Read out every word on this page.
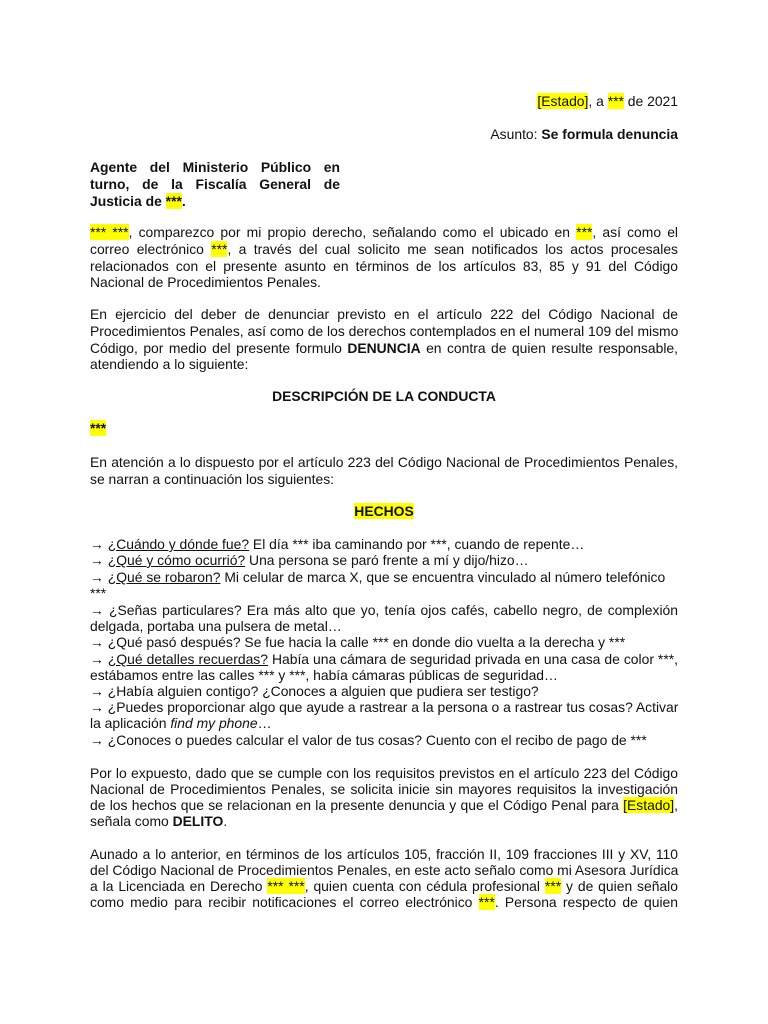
[Estado], a *** de 2021
Asunto: Se formula denuncia
Agente del Ministerio Público en
turno, de la Fiscalía General de
Justicia de ***.
*** ***, comparezco por mi propio derecho, señalando como el ubicado en ***, así como el
correo electrónico ***, a través del cual solicito me sean notificados los actos procesales
relacionados con el presente asunto en términos de los artículos 83, 85 y 91 del Código
Nacional de Procedimientos Penales.
En ejercicio del deber de denunciar previsto en el artículo 222 del Código Nacional de
Procedimientos Penales, así como de los derechos contemplados en el numeral 109 del mismo
Código, por medio del presente formulo DENUNCIA en contra de quien resulte responsable,
atendiendo a lo siguiente:
DESCRIPCIÓN DE LA CONDUCTA
***
En atención a lo dispuesto por el artículo 223 del Código Nacional de Procedimientos Penales,
se narran a continuación los siguientes:
HECHOS
→ ¿Cuándo y dónde fue? El día *** iba caminando por ***, cuando de repente…
→ ¿Qué y cómo ocurrió? Una persona se paró frente a mí y dijo/hizo…
→ ¿Qué se robaron? Mi celular de marca X, que se encuentra vinculado al número telefónico
***
→ ¿Señas particulares? Era más alto que yo, tenía ojos cafés, cabello negro, de complexión
delgada, portaba una pulsera de metal…
→ ¿Qué pasó después? Se fue hacia la calle *** en donde dio vuelta a la derecha y ***
→ ¿Qué detalles recuerdas? Había una cámara de seguridad privada en una casa de color ***,
estábamos entre las calles *** y ***, había cámaras públicas de seguridad…
→ ¿Había alguien contigo? ¿Conoces a alguien que pudiera ser testigo?
→ ¿Puedes proporcionar algo que ayude a rastrear a la persona o a rastrear tus cosas? Activar
la aplicación find my phone…
→ ¿Conoces o puedes calcular el valor de tus cosas? Cuento con el recibo de pago de ***
Por lo expuesto, dado que se cumple con los requisitos previstos en el artículo 223 del Código
Nacional de Procedimientos Penales, se solicita inicie sin mayores requisitos la investigación
de los hechos que se relacionan en la presente denuncia y que el Código Penal para [Estado],
señala como DELITO.
Aunado a lo anterior, en términos de los artículos 105, fracción II, 109 fracciones III y XV, 110
del Código Nacional de Procedimientos Penales, en este acto señalo como mi Asesora Jurídica
a la Licenciada en Derecho *** ***, quien cuenta con cédula profesional *** y de quien señalo
como medio para recibir notificaciones el correo electrónico ***. Persona respecto de quien
